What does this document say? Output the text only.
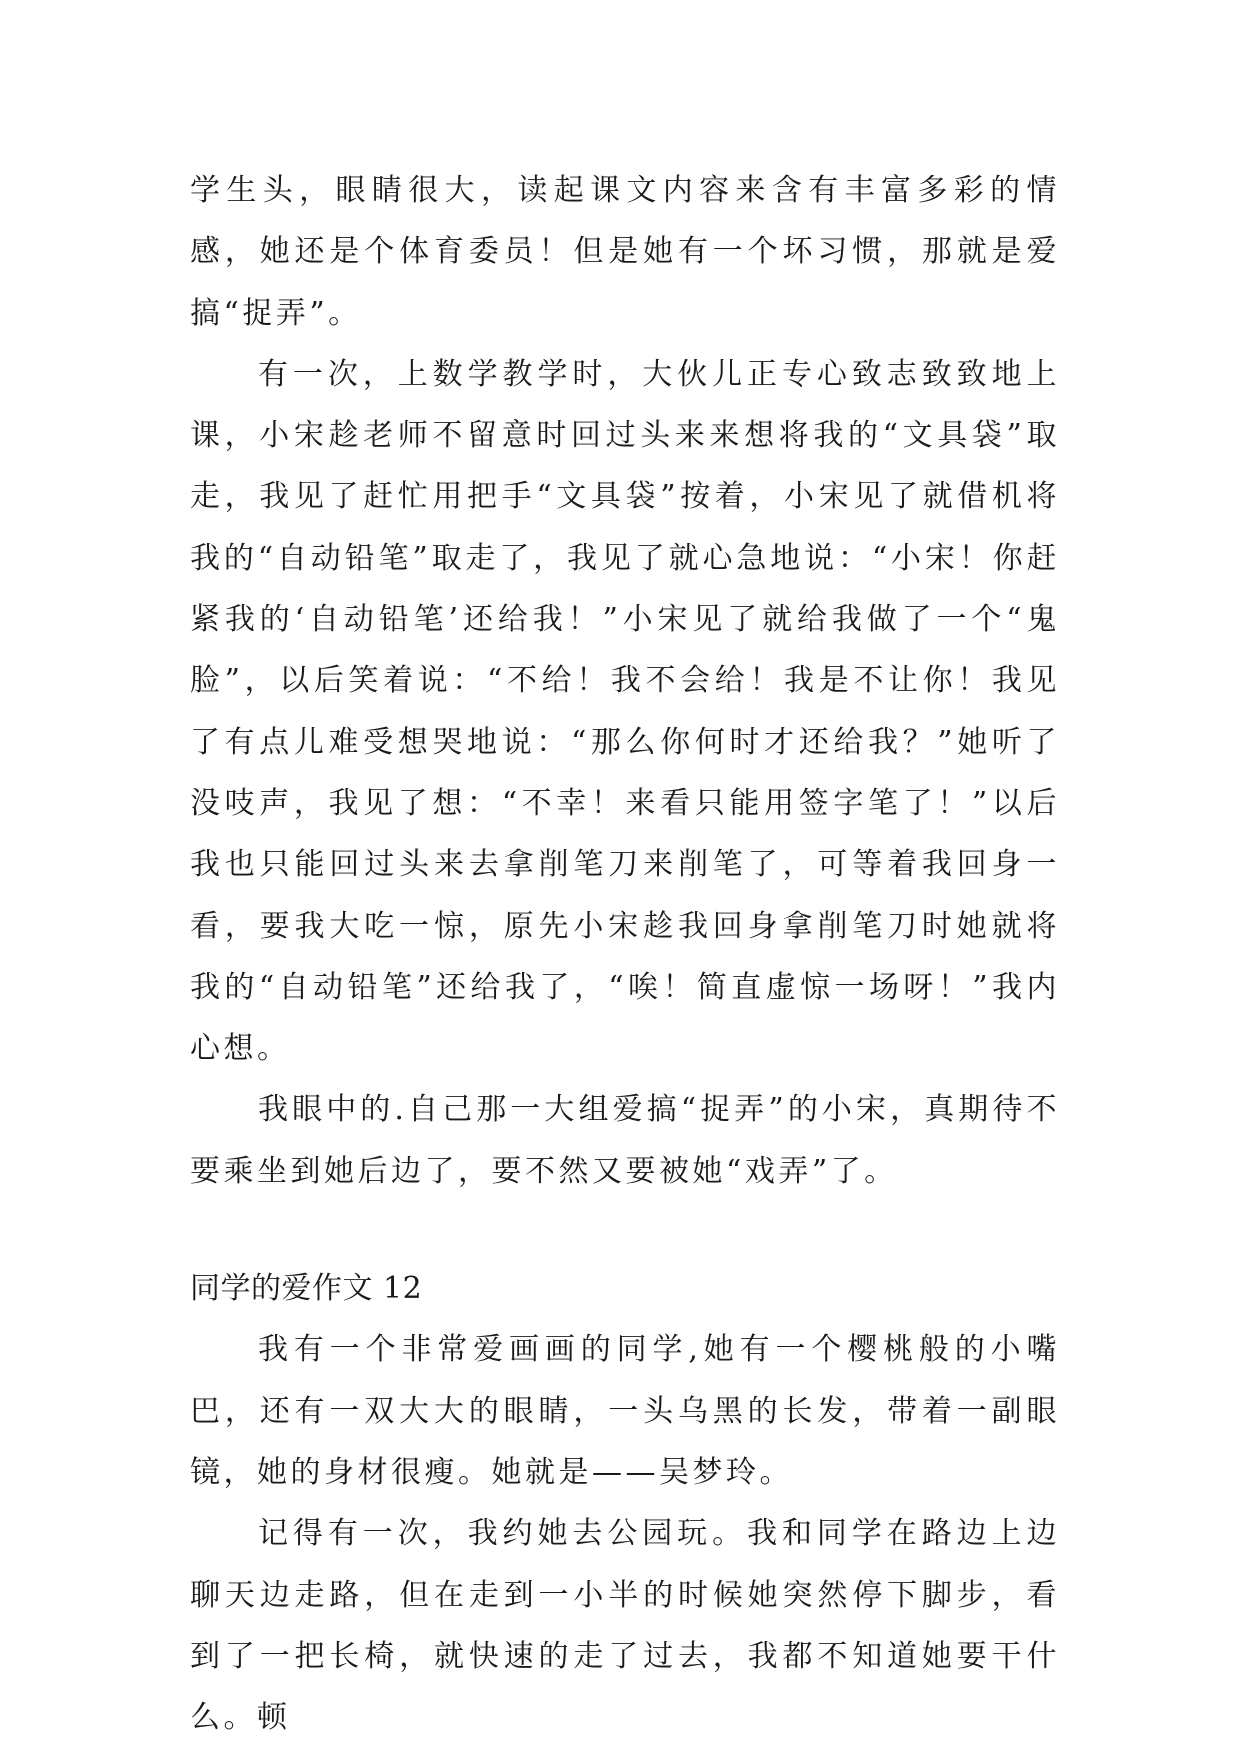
学生头，眼睛很大，读起课文内容来含有丰富多彩的情感，她还是个体育委员！但是她有一个坏习惯，那就是爱搞“捉弄”。

有一次，上数学教学时，大伙儿正专心致志致致地上课，小宋趁老师不留意时回过头来来想将我的“文具袋”取走，我见了赶忙用把手“文具袋”按着，小宋见了就借机将我的“自动铅笔”取走了，我见了就心急地说：“小宋！你赶紧我的‘自动铅笔’还给我！”小宋见了就给我做了一个“鬼脸”，以后笑着说：“不给！我不会给！我是不让你！我见了有点儿难受想哭地说：“那么你何时才还给我？”她听了没吱声，我见了想：“不幸！来看只能用签字笔了！”以后我也只能回过头来去拿削笔刀来削笔了，可等着我回身一看，要我大吃一惊，原先小宋趁我回身拿削笔刀时她就将我的“自动铅笔”还给我了，“唉！简直虚惊一场呀！”我内心想。

我眼中的.自己那一大组爱搞“捉弄”的小宋，真期待不要乘坐到她后边了，要不然又要被她“戏弄”了。

同学的爱作文 12

我有一个非常爱画画的同学,她有一个樱桃般的小嘴巴，还有一双大大的眼睛，一头乌黑的长发，带着一副眼镜，她的身材很瘦。她就是——吴梦玲。

记得有一次，我约她去公园玩。我和同学在路边上边聊天边走路，但在走到一小半的时候她突然停下脚步，看到了一把长椅，就快速的走了过去，我都不知道她要干什么。顿
